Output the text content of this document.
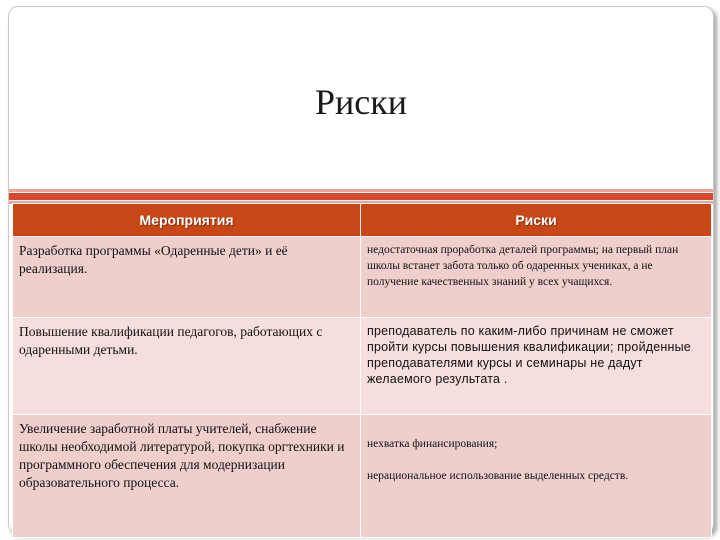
Риски
Мероприятия	Риски

Разработка программы «Одаренные дети» и её реализация.	недостаточная проработка деталей программы; на первый план школы встанет забота только об одаренных учениках, а не получение качественных знаний у всех учащихся.

Повышение квалификации педагогов, работающих с одаренными детьми.	преподаватель по каким-либо причинам не сможет пройти курсы повышения квалификации; пройденные преподавателями курсы и семинары не дадут желаемого результата .

Увеличение заработной платы учителей, снабжение школы необходимой литературой, покупка оргтехники и программного обеспечения для модернизации образовательного процесса.	нехватка финансирования;
нерациональное использование выделенных средств.
